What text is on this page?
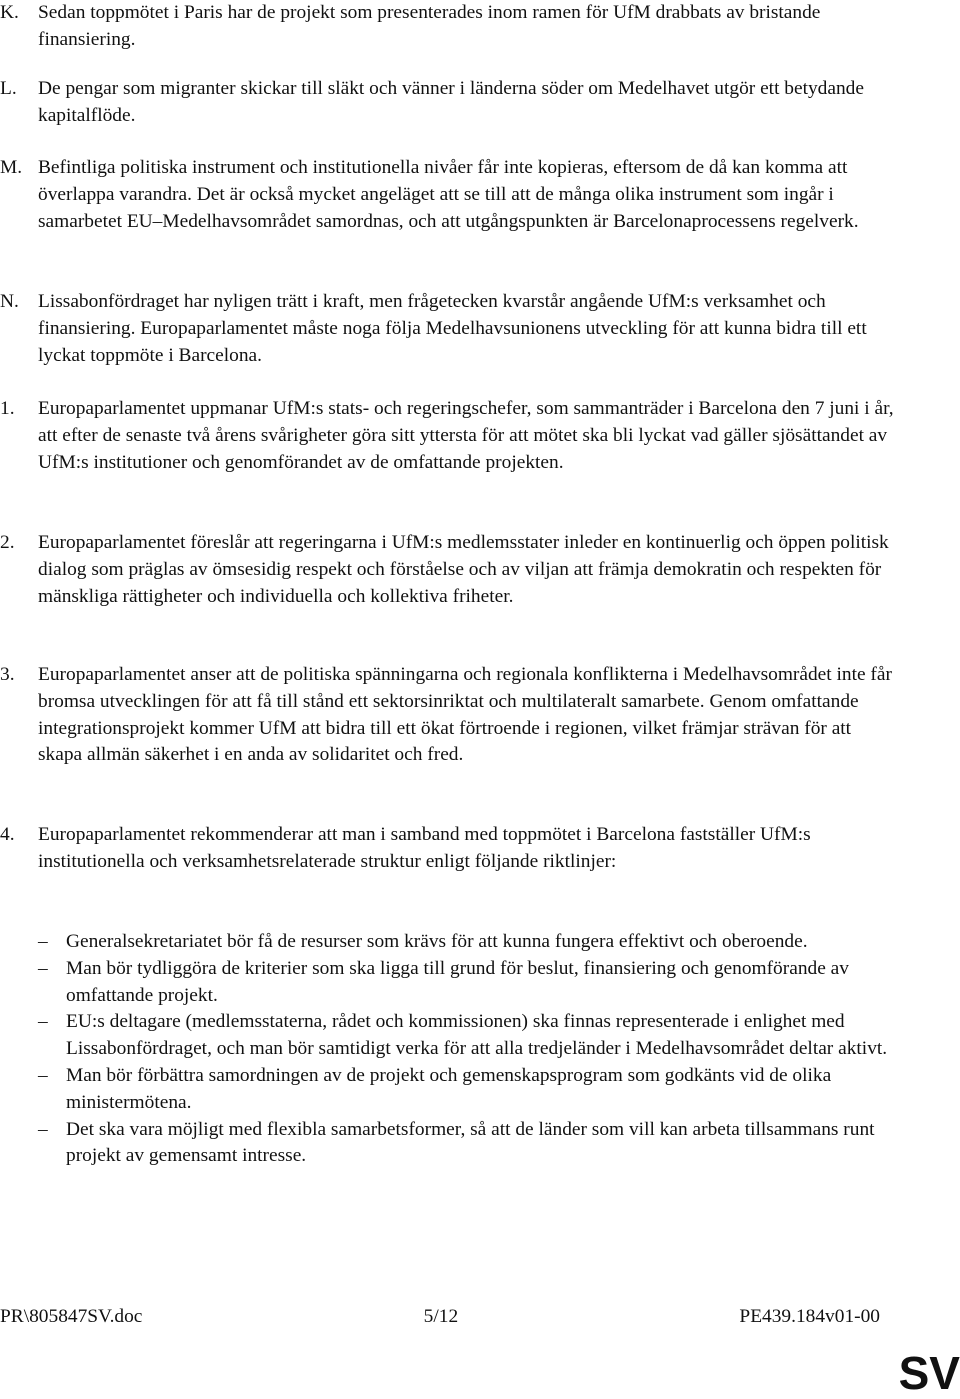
K. Sedan toppmötet i Paris har de projekt som presenterades inom ramen för UfM drabbats av bristande finansiering.
L. De pengar som migranter skickar till släkt och vänner i länderna söder om Medelhavet utgör ett betydande kapitalflöde.
M. Befintliga politiska instrument och institutionella nivåer får inte kopieras, eftersom de då kan komma att överlappa varandra. Det är också mycket angeläget att se till att de många olika instrument som ingår i samarbetet EU–Medelhavsområdet samordnas, och att utgångspunkten är Barcelonaprocessens regelverk.
N. Lissabonfördraget har nyligen trätt i kraft, men frågetecken kvarstår angående UfM:s verksamhet och finansiering. Europaparlamentet måste noga följa Medelhavsunionens utveckling för att kunna bidra till ett lyckat toppmöte i Barcelona.
1. Europaparlamentet uppmanar UfM:s stats- och regeringschefer, som sammanträder i Barcelona den 7 juni i år, att efter de senaste två årens svårigheter göra sitt yttersta för att mötet ska bli lyckat vad gäller sjösättandet av UfM:s institutioner och genomförandet av de omfattande projekten.
2. Europaparlamentet föreslår att regeringarna i UfM:s medlemsstater inleder en kontinuerlig och öppen politisk dialog som präglas av ömsesidig respekt och förståelse och av viljan att främja demokratin och respekten för mänskliga rättigheter och individuella och kollektiva friheter.
3. Europaparlamentet anser att de politiska spänningarna och regionala konflikterna i Medelhavsområdet inte får bromsa utvecklingen för att få till stånd ett sektorsinriktat och multilateralt samarbete. Genom omfattande integrationsprojekt kommer UfM att bidra till ett ökat förtroende i regionen, vilket främjar strävan för att skapa allmän säkerhet i en anda av solidaritet och fred.
4. Europaparlamentet rekommenderar att man i samband med toppmötet i Barcelona fastställer UfM:s institutionella och verksamhetsrelaterade struktur enligt följande riktlinjer:
– Generalsekretariatet bör få de resurser som krävs för att kunna fungera effektivt och oberoende.
– Man bör tydliggöra de kriterier som ska ligga till grund för beslut, finansiering och genomförande av omfattande projekt.
– EU:s deltagare (medlemsstaterna, rådet och kommissionen) ska finnas representerade i enlighet med Lissabonfördraget, och man bör samtidigt verka för att alla tredjeländer i Medelhavsområdet deltar aktivt.
– Man bör förbättra samordningen av de projekt och gemenskapsprogram som godkänts vid de olika ministermötena.
– Det ska vara möjligt med flexibla samarbetsformer, så att de länder som vill kan arbeta tillsammans runt projekt av gemensamt intresse.
PR\805847SV.doc	5/12	PE439.184v01-00
SV
